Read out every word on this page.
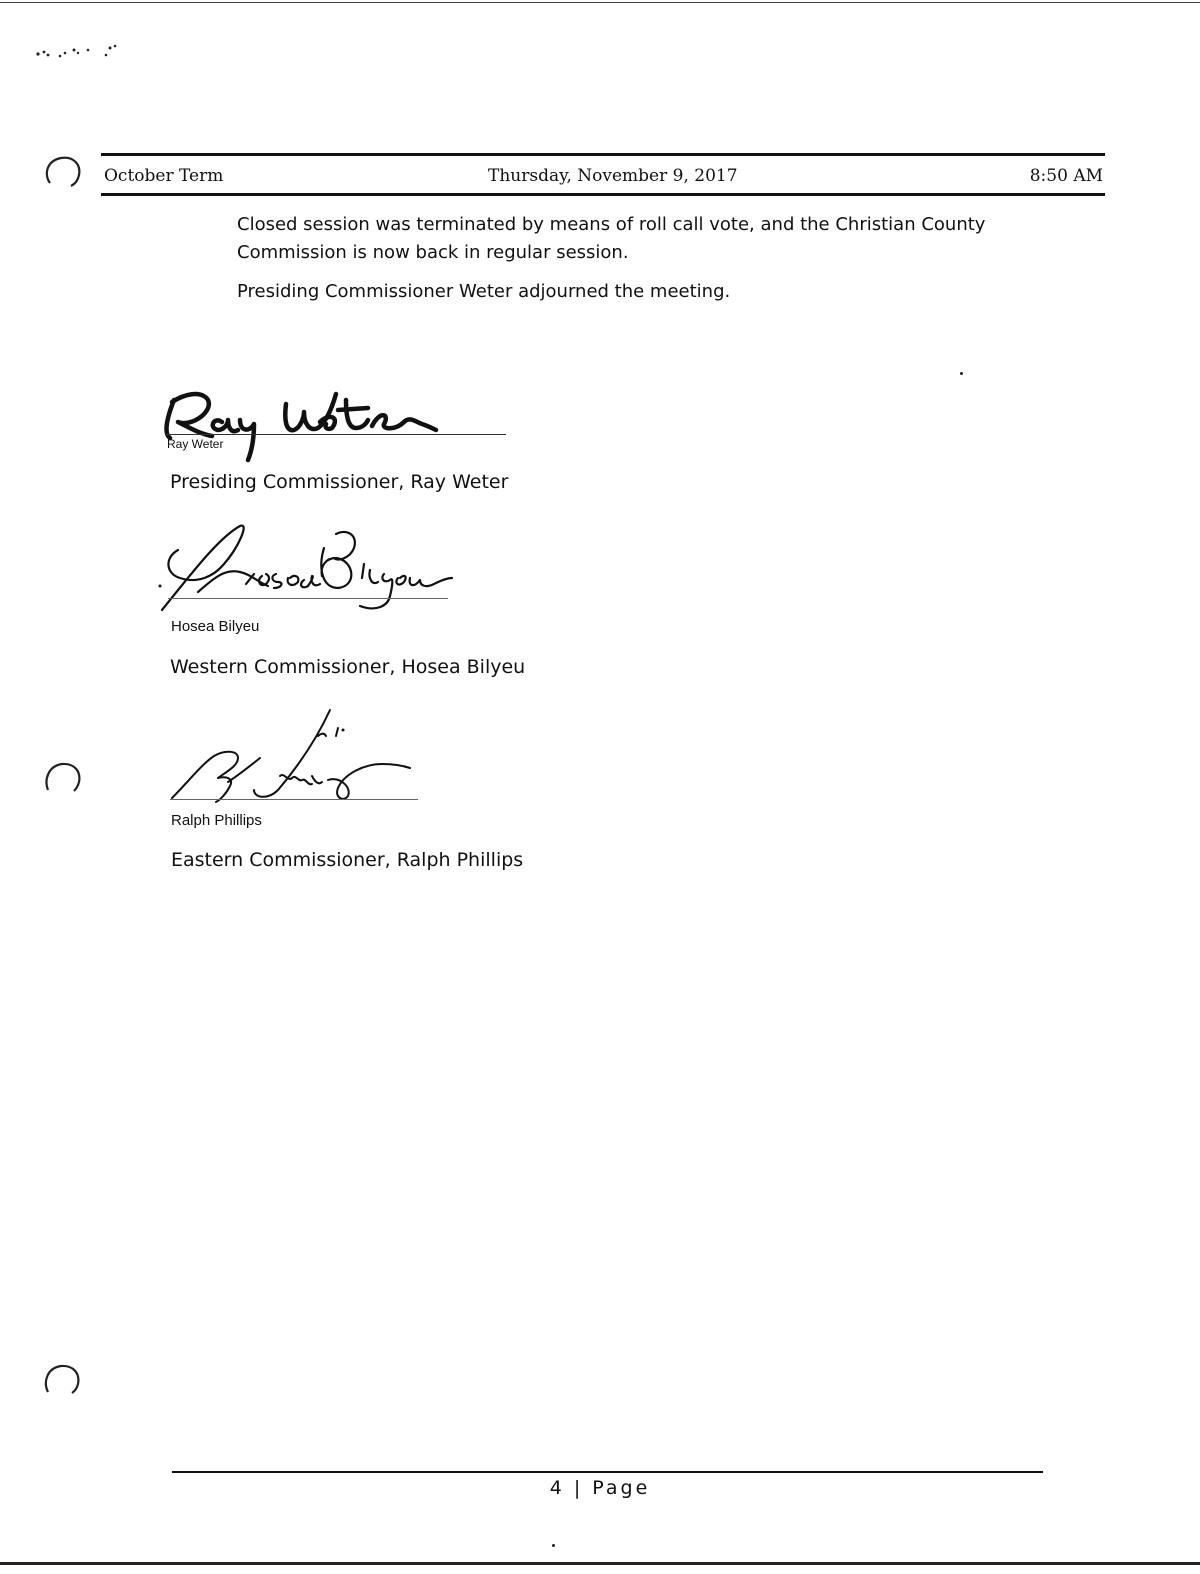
October Term	Thursday, November 9, 2017	8:50 AM
Closed session was terminated by means of roll call vote, and the Christian County Commission is now back in regular session.
Presiding Commissioner Weter adjourned the meeting.
Ray Weter
Presiding Commissioner, Ray Weter
Hosea Bilyeu
Western Commissioner, Hosea Bilyeu
Ralph Phillips
Eastern Commissioner, Ralph Phillips
4 | Page
